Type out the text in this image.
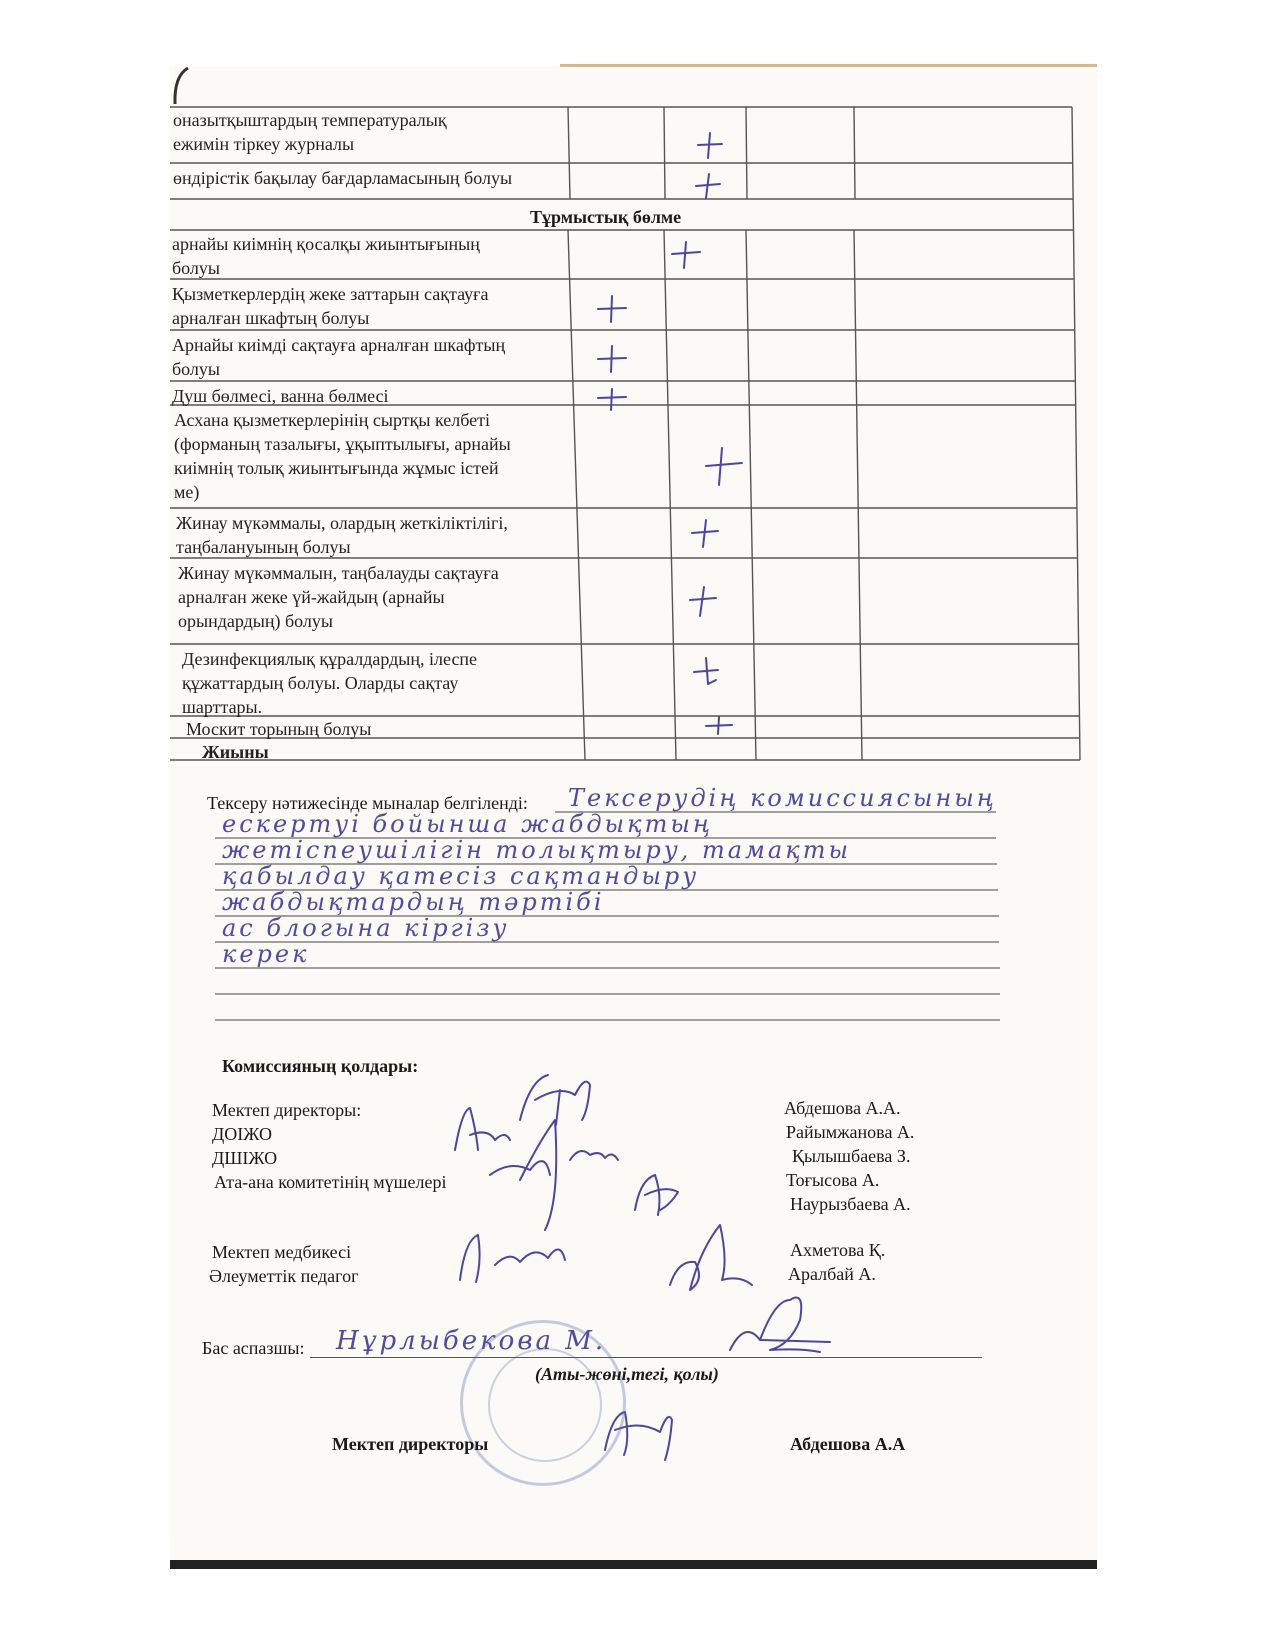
оназытқыштардың температуралық
ежимін тіркеу журналы
өндірістік бақылау бағдарламасының болуы
Тұрмыстық бөлме
арнайы киімнің қосалқы жиынтығының
болуы
Қызметкерлердің жеке заттарын сақтауға
арналған шкафтың болуы
Арнайы киімді сақтауға арналған шкафтың
болуы
Душ бөлмесі, ванна бөлмесі
Асхана қызметкерлерінің сыртқы келбеті
(форманың тазалығы, ұқыптылығы, арнайы
киімнің толық жиынтығында жұмыс істей
ме)
Жинау мүкәммалы, олардың жеткіліктілігі,
таңбалануының болуы
Жинау мүкәммалын, таңбалауды сақтауға
арналған жеке үй-жайдың (арнайы
орындардың) болуы
Дезинфекциялық құралдардың, ілеспе
құжаттардың болуы. Оларды сақтау
шарттары.
Москит торының болуы
Жиыны
Тексеру нәтижесінде мыналар белгіленді: Тексерудің комиссиясының
ескертуі бойынша жабдықтың
жетіспеушілігін толықтыру, тамақты
қабылдау қатесіз сақтандыру
жабдықтардың тәртібі
ас блогына кіргізу
керек
Комиссияның қолдары:
Мектеп директоры:
ДОІЖО
ДШІЖО
Ата-ана комитетінің мүшелері
Мектеп медбикесі
Әлеуметтік педагог
Абдешова А.А.
Райымжанова А.
Қылышбаева З.
Тоғысова А.
Наурызбаева А.
Ахметова Қ.
Аралбай А.
Бас аспазшы: Нұрлыбекова М.
(Аты-жөні,тегі, қолы)
Мектеп директоры	Абдешова А.А
